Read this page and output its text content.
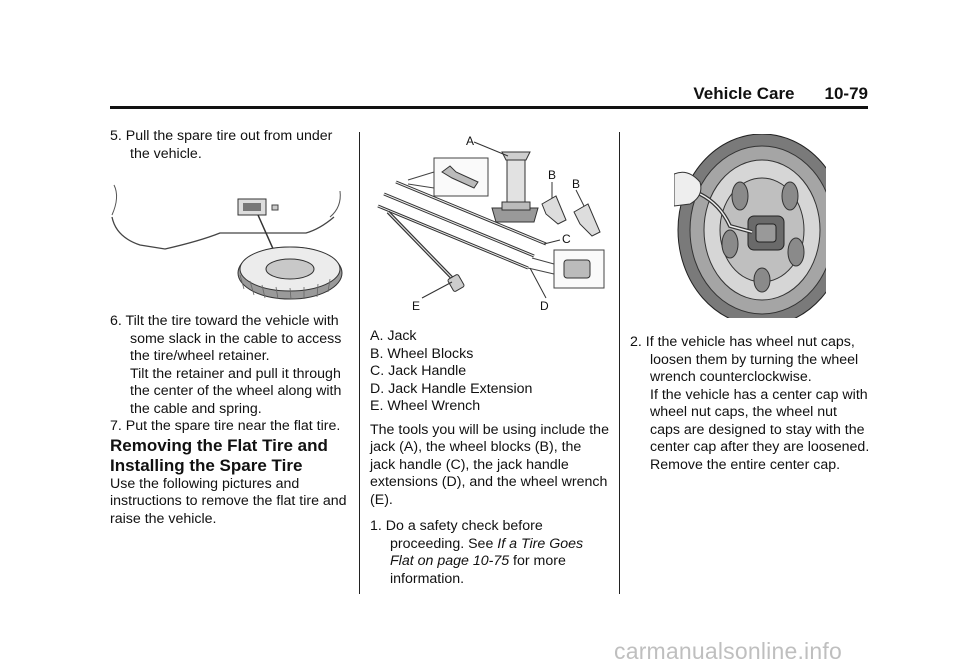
Vehicle Care 10-79

5. Pull the spare tire out from under the vehicle.

6. Tilt the tire toward the vehicle with some slack in the cable to access the tire/wheel retainer.

Tilt the retainer and pull it through the center of the wheel along with the cable and spring.

7. Put the spare tire near the flat tire.

Removing the Flat Tire and Installing the Spare Tire

Use the following pictures and instructions to remove the flat tire and raise the vehicle.

A
B
B
C
D
E

A. Jack

B. Wheel Blocks

C. Jack Handle

D. Jack Handle Extension

E. Wheel Wrench

The tools you will be using include the jack (A), the wheel blocks (B), the jack handle (C), the jack handle extensions (D), and the wheel wrench (E).

1. Do a safety check before proceeding. See If a Tire Goes Flat on page 10-75 for more information.

2. If the vehicle has wheel nut caps, loosen them by turning the wheel wrench counterclockwise.

If the vehicle has a center cap with wheel nut caps, the wheel nut caps are designed to stay with the center cap after they are loosened. Remove the entire center cap.

carmanualsonline.info
